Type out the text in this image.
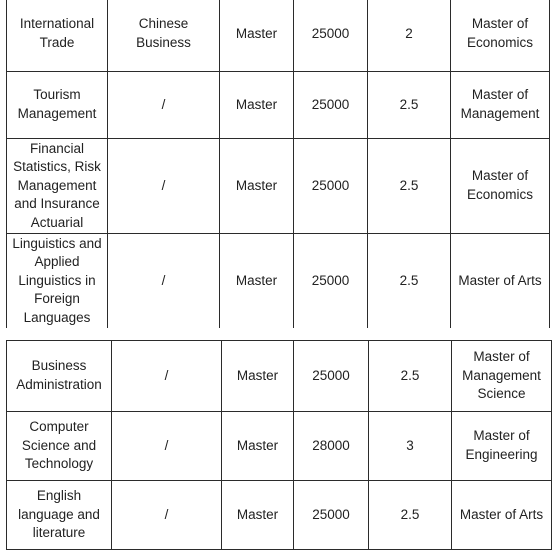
International Trade	Chinese Business	Master	25000	2	Master of Economics
Tourism Management	/	Master	25000	2.5	Master of Management
Financial Statistics, Risk Management and Insurance Actuarial	/	Master	25000	2.5	Master of Economics
Linguistics and Applied Linguistics in Foreign Languages	/	Master	25000	2.5	Master of Arts
Business Administration	/	Master	25000	2.5	Master of Management Science
Computer Science and Technology	/	Master	28000	3	Master of Engineering
English language and literature	/	Master	25000	2.5	Master of Arts
